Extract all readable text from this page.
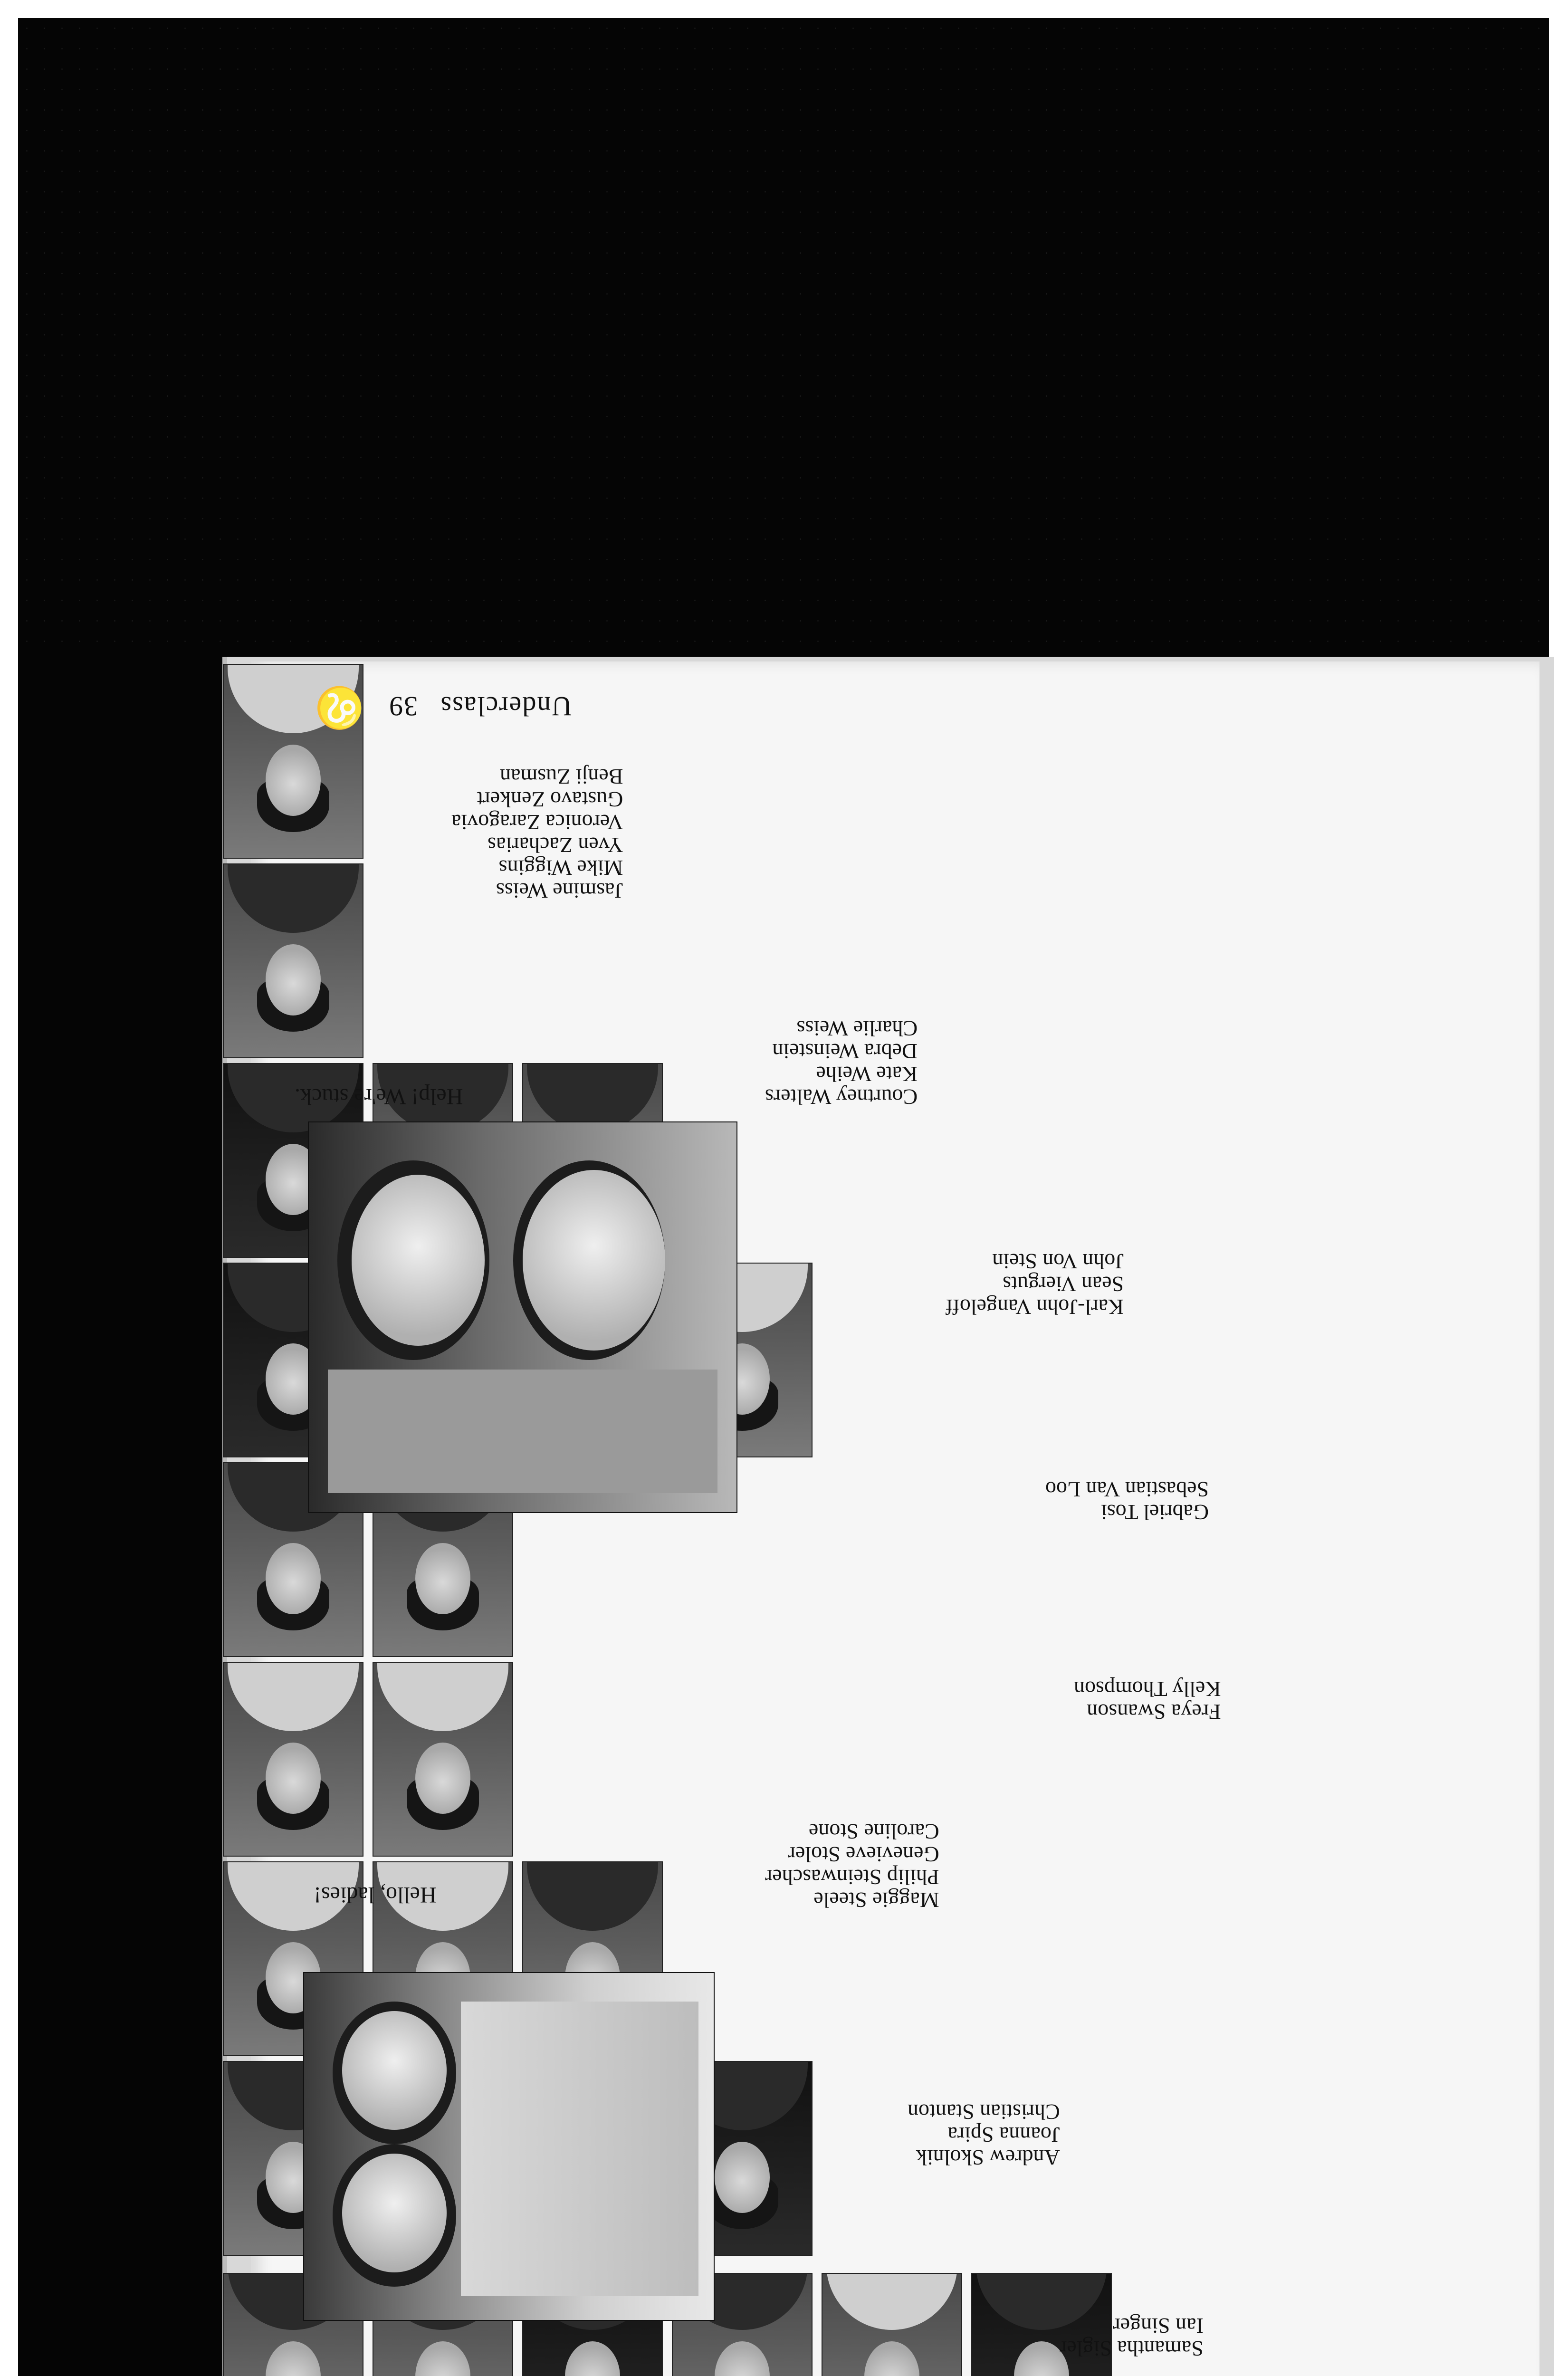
Hello, ladies!
Help! We're stuck.
Samantha Sigler
Ian Singer
Andrew Skolnik
Joanna Spira
Christian Stanton
Maggie Steele
Philip Steinwascher
Genevieve Stoler
Caroline Stone
Freya Swanson
Kelly Thompson
Gabriel Tosi
Sebastian Van Loo
Karl-John Vangeloff
Sean Vierguts
John Von Stein
Courtney Walters
Kate Weihe
Debra Weinstein
Charlie Weiss
Jasmine Weiss
Mike Wiggins
Yven Zacharias
Veronica Zaragovia
Gustavo Zenkert
Benji Zusman
Underclass 39 ♌
